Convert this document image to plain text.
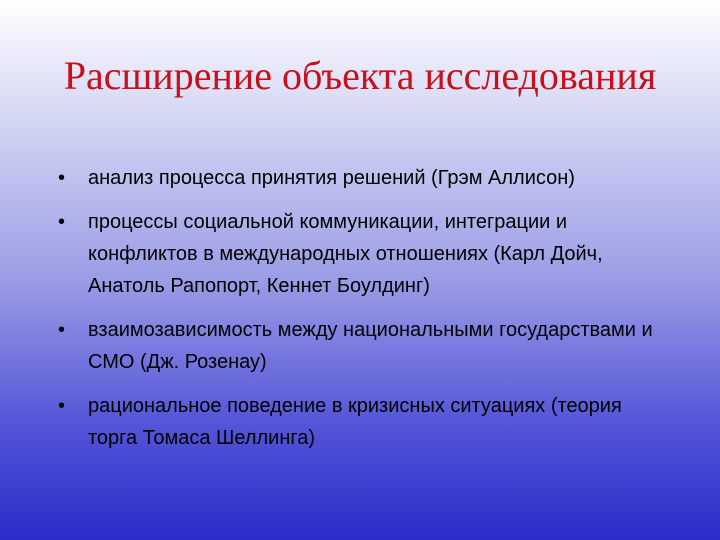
Расширение объекта исследования
• анализ процесса принятия решений (Грэм Аллисон)
• процессы социальной коммуникации, интеграции и конфликтов в международных отношениях (Карл Дойч, Анатоль Рапопорт, Кеннет Боулдинг)
• взаимозависимость между национальными государствами и СМО (Дж. Розенау)
• рациональное поведение в кризисных ситуациях (теория торга Томаса Шеллинга)
